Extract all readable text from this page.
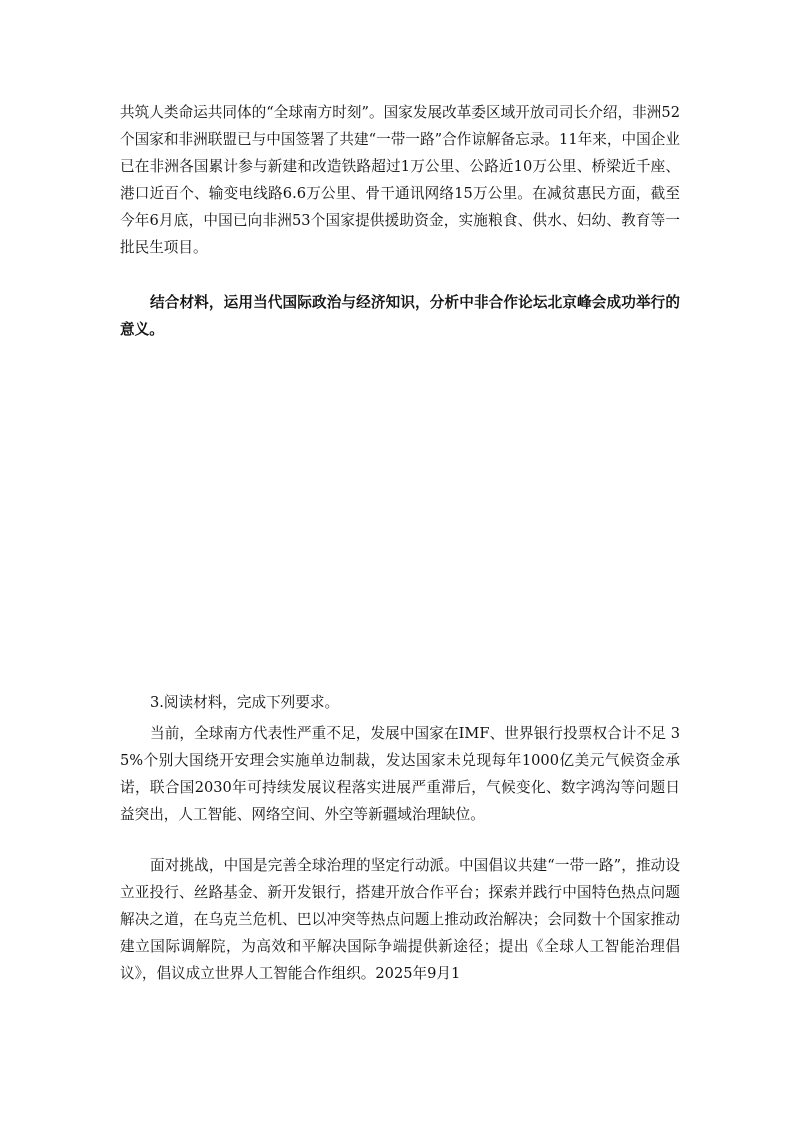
共筑人类命运共同体的“全球南方时刻”。国家发展改革委区域开放司司长介绍，非洲52个国家和非洲联盟已与中国签署了共建“一带一路”合作谅解备忘录。11年来，中国企业已在非洲各国累计参与新建和改造铁路超过1万公里、公路近10万公里、桥梁近千座、港口近百个、输变电线路6.6万公里、骨干通讯网络15万公里。在减贫惠民方面，截至今年6月底，中国已向非洲53个国家提供援助资金，实施粮食、供水、妇幼、教育等一批民生项目。

结合材料，运用当代国际政治与经济知识，分析中非合作论坛北京峰会成功举行的意义。

3.阅读材料，完成下列要求。

当前，全球南方代表性严重不足，发展中国家在IMF、世界银行投票权合计不足 35%个别大国绕开安理会实施单边制裁，发达国家未兑现每年1000亿美元气候资金承诺，联合国2030年可持续发展议程落实进展严重滞后，气候变化、数字鸿沟等问题日益突出，人工智能、网络空间、外空等新疆域治理缺位。

面对挑战，中国是完善全球治理的坚定行动派。中国倡议共建“一带一路”，推动设立亚投行、丝路基金、新开发银行，搭建开放合作平台；探索并践行中国特色热点问题解决之道，在乌克兰危机、巴以冲突等热点问题上推动政治解决；会同数十个国家推动建立国际调解院，为高效和平解决国际争端提供新途径；提出《全球人工智能治理倡议》，倡议成立世界人工智能合作组织。2025年9月1
